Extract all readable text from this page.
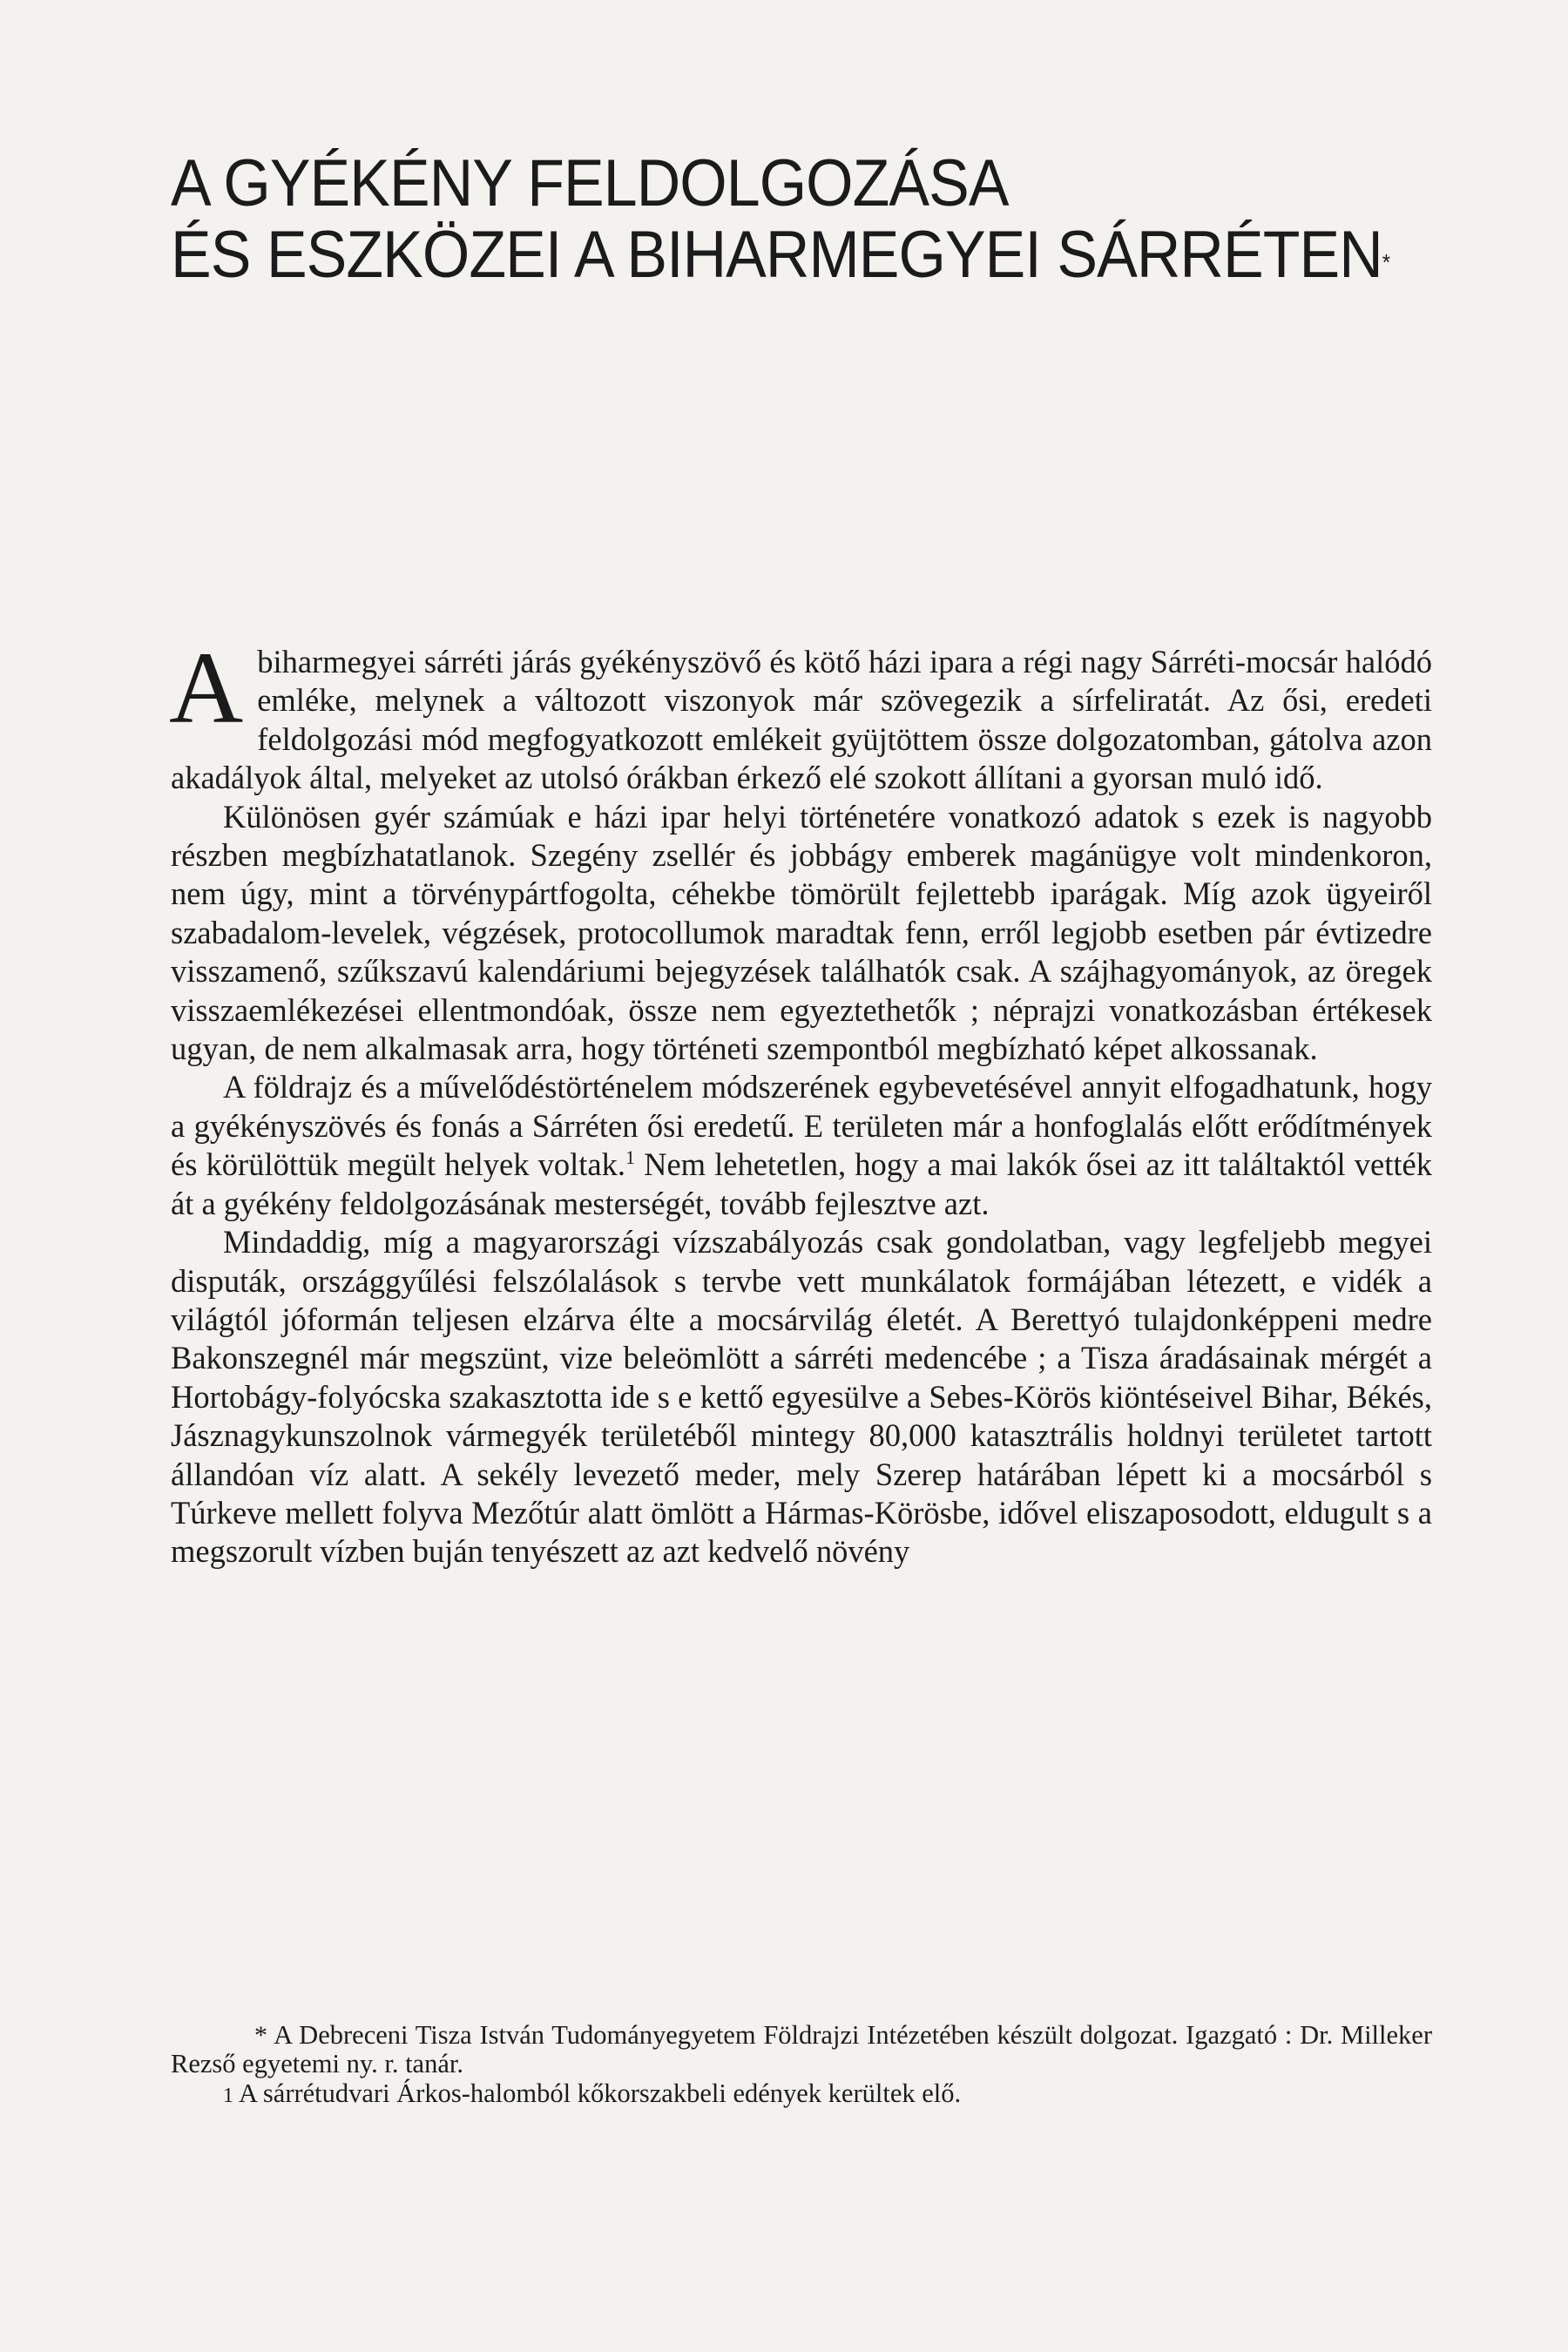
A GYÉKÉNY FELDOLGOZÁSA
ÉS ESZKÖZEI A BIHARMEGYEI SÁRRÉTEN*

Abiharmegyei sárréti járás gyékényszövő és kötő házi ipara a régi nagy Sárréti-mocsár halódó emléke, melynek a változott viszonyok már szövegezik a sírfeliratát. Az ősi, eredeti feldolgozási mód megfogyatkozott emlékeit gyüjtöttem össze dolgozatomban, gátolva azon akadályok által, melyeket az utolsó órákban érkező elé szokott állítani a gyorsan muló idő.

Különösen gyér számúak e házi ipar helyi történetére vonatkozó adatok s ezek is nagyobb részben megbízhatatlanok. Szegény zsellér és jobbágy emberek magánügye volt mindenkoron, nem úgy, mint a törvénypártfogolta, céhekbe tömörült fejlettebb iparágak. Míg azok ügyeiről szabadalom-levelek, végzések, protocollumok maradtak fenn, erről legjobb esetben pár évtizedre visszamenő, szűkszavú kalendáriumi bejegyzések találhatók csak. A szájhagyományok, az öregek visszaemlékezései ellentmondóak, össze nem egyeztethetők ; néprajzi vonatkozásban értékesek ugyan, de nem alkalmasak arra, hogy történeti szempontból megbízható képet alkossanak.

A földrajz és a művelődéstörténelem módszerének egybevetésével annyit elfogadhatunk, hogy a gyékényszövés és fonás a Sárréten ősi eredetű. E területen már a honfoglalás előtt erődítmények és körülöttük megült helyek voltak.$^1$ Nem lehetetlen, hogy a mai lakók ősei az itt találtaktól vették át a gyékény feldolgozásának mesterségét, tovább fejlesztve azt.

Mindaddig, míg a magyarországi vízszabályozás csak gondolatban, vagy legfeljebb megyei disputák, országgyűlési felszólalások s tervbe vett munkálatok formájában létezett, e vidék a világtól jóformán teljesen elzárva élte a mocsárvilág életét. A Berettyó tulajdonképpeni medre Bakonszegnél már megszünt, vize beleömlött a sárréti medencébe ; a Tisza áradásainak mérgét a Hortobágy-folyócska szakasztotta ide s e kettő egyesülve a Sebes-Körös kiöntéseivel Bihar, Békés, Jásznagykunszolnok vármegyék területéből mintegy 80,000 katasztrális holdnyi területet tartott állandóan víz alatt. A sekély levezető meder, mely Szerep határában lépett ki a mocsárból s Túrkeve mellett folyva Mezőtúr alatt ömlött a Hármas-Körösbe, idővel eliszaposodott, eldugult s a megszorult vízben buján tenyészett az azt kedvelő növény

* A Debreceni Tisza István Tudományegyetem Földrajzi Intézetében készült dolgozat. Igazgató : Dr. Milleker Rezső egyetemi ny. r. tanár.

1 A sárrétudvari Árkos-halomból kőkorszakbeli edények kerültek elő.
